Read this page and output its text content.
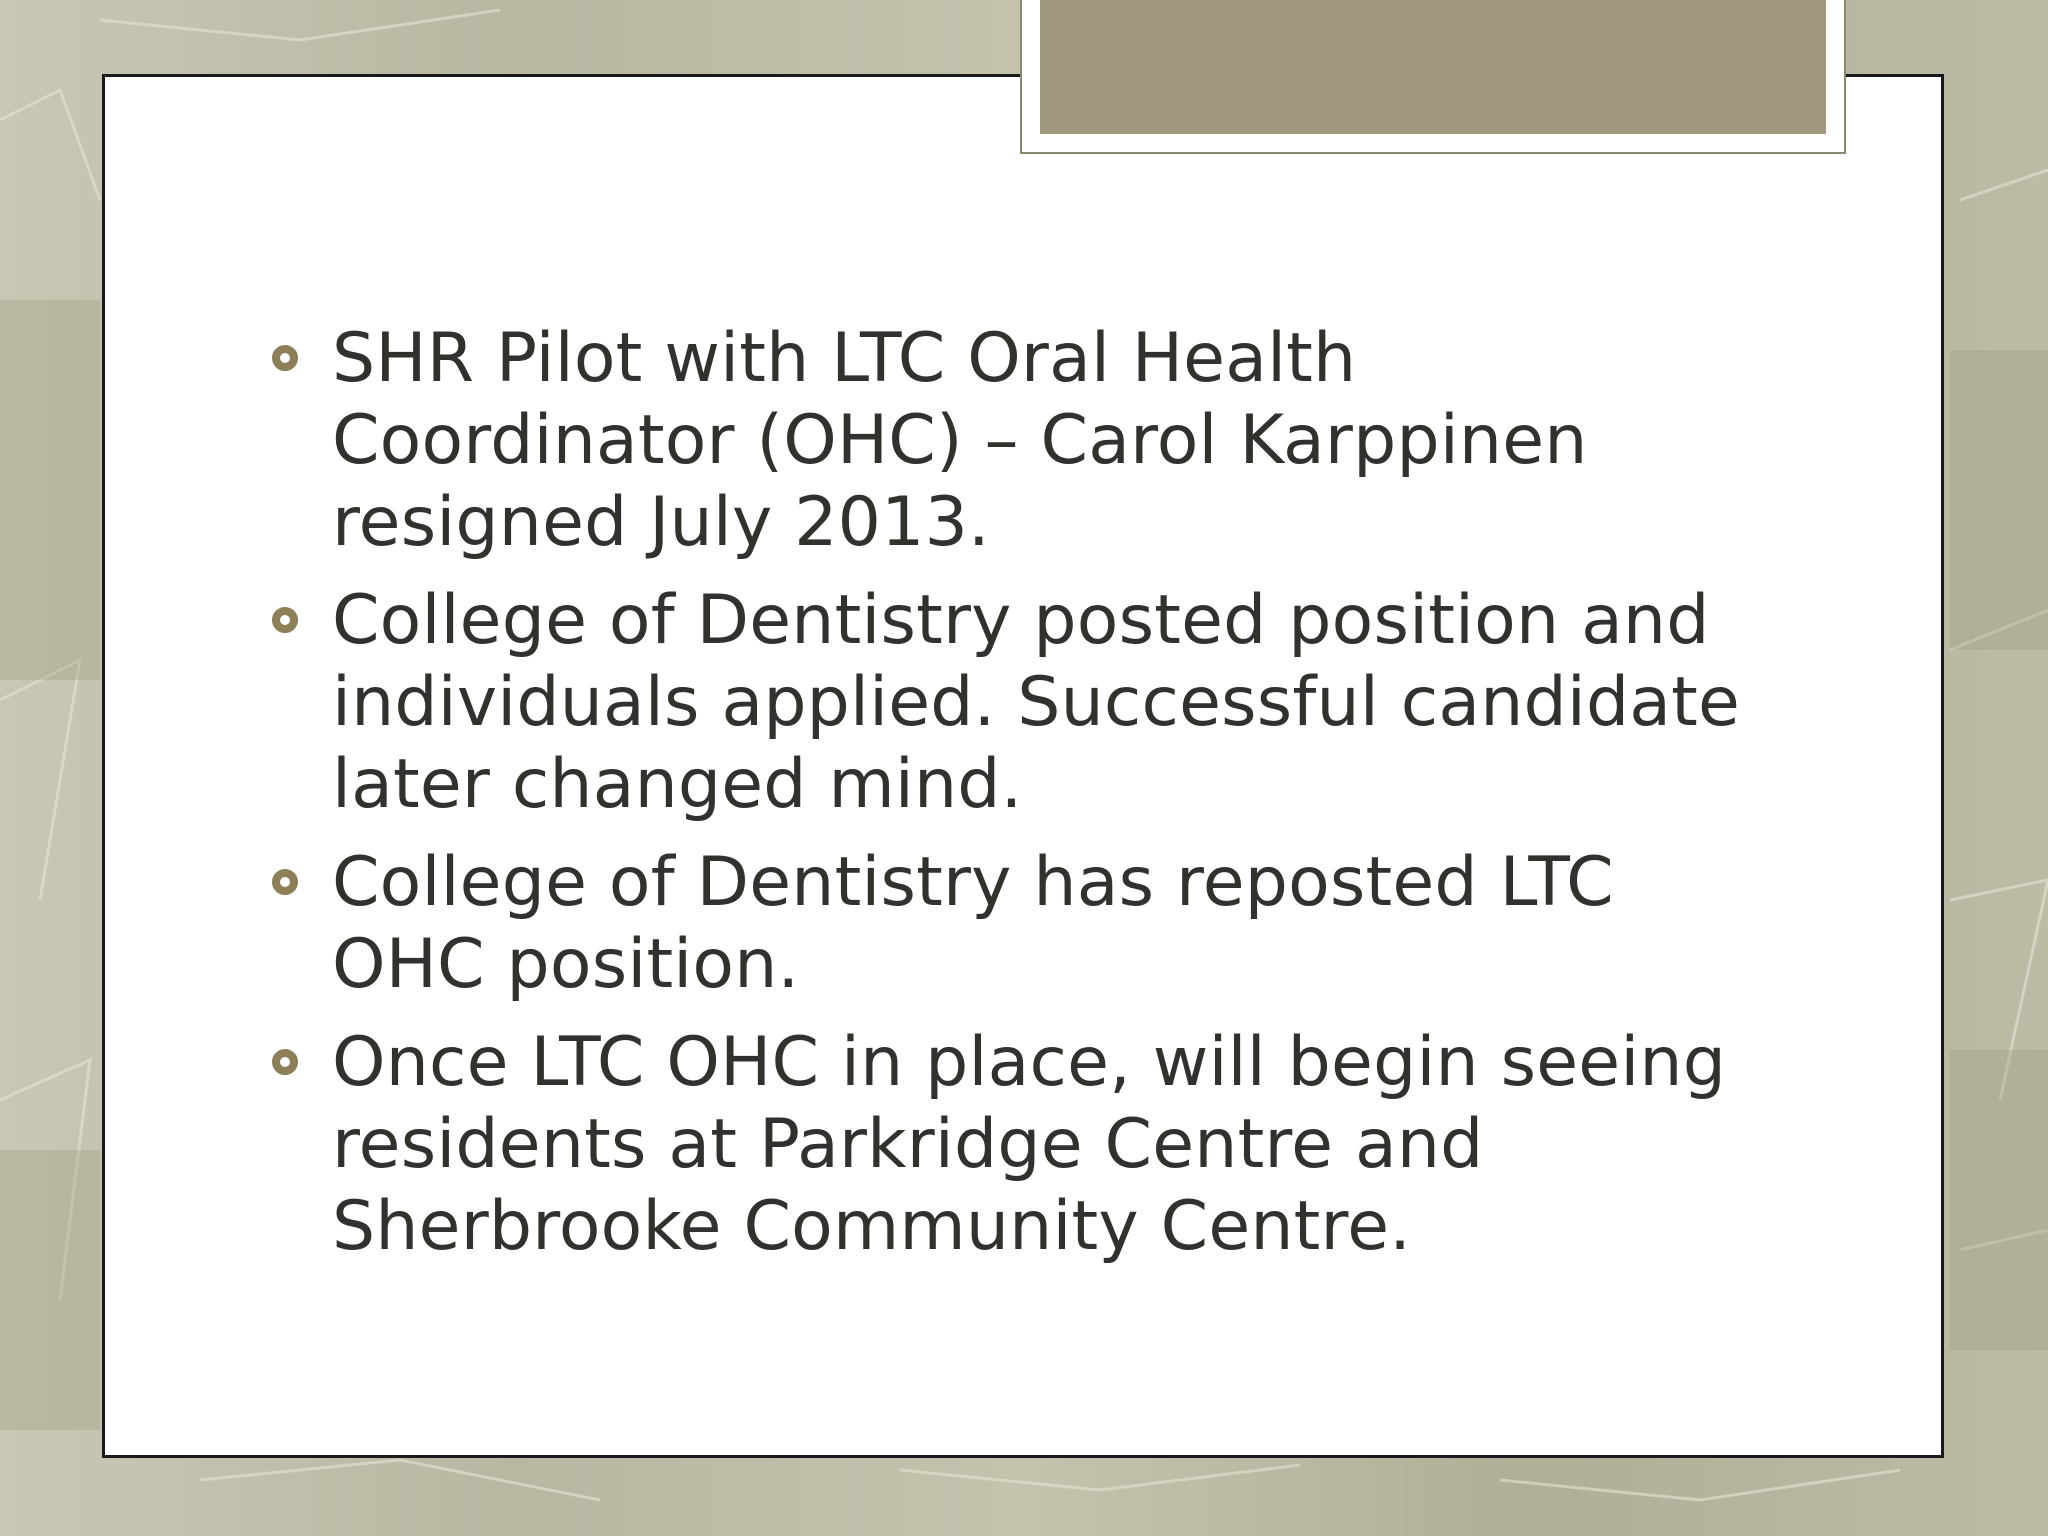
SHR Pilot with LTC Oral Health Coordinator (OHC) – Carol Karppinen resigned July 2013.
College of Dentistry posted position and individuals applied. Successful candidate later changed mind.
College of Dentistry has reposted LTC OHC position.
Once LTC OHC in place, will begin seeing residents at Parkridge Centre and Sherbrooke Community Centre.
